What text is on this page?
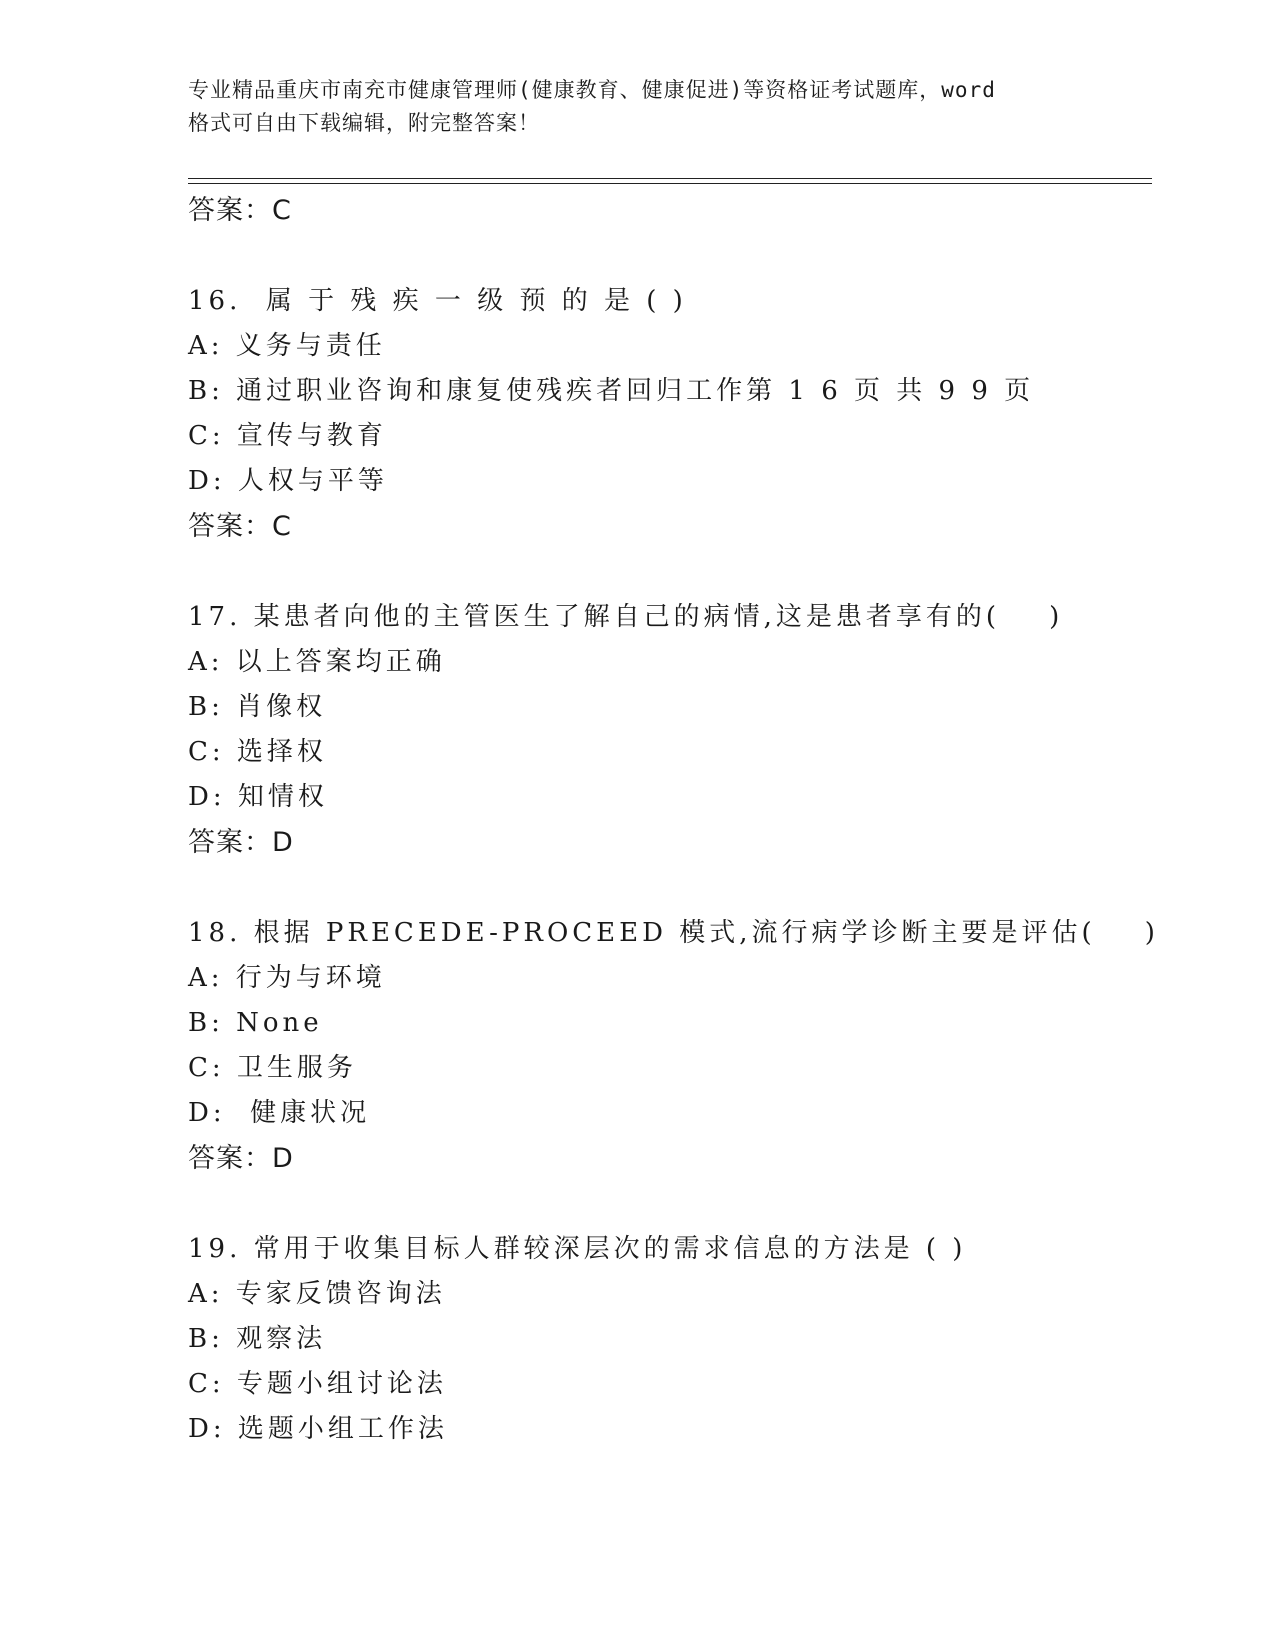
专业精品重庆市南充市健康管理师(健康教育、健康促进)等资格证考试题库，word
格式可自由下载编辑，附完整答案！
答案：C
16.  属 于 残 疾 一 级 预 的 是 ( )
A: 义务与责任
B: 通过职业咨询和康复使残疾者回归工作第 1 6 页 共 9 9 页
C: 宣传与教育
D: 人权与平等
答案：C
17. 某患者向他的主管医生了解自己的病情,这是患者享有的(    )
A: 以上答案均正确
B: 肖像权
C: 选择权
D: 知情权
答案：D
18. 根据 PRECEDE-PROCEED 模式,流行病学诊断主要是评估(    )
A: 行为与环境
B: None
C: 卫生服务
D:  健康状况
答案：D
19. 常用于收集目标人群较深层次的需求信息的方法是 ( )
A: 专家反馈咨询法
B: 观察法
C: 专题小组讨论法
D: 选题小组工作法
